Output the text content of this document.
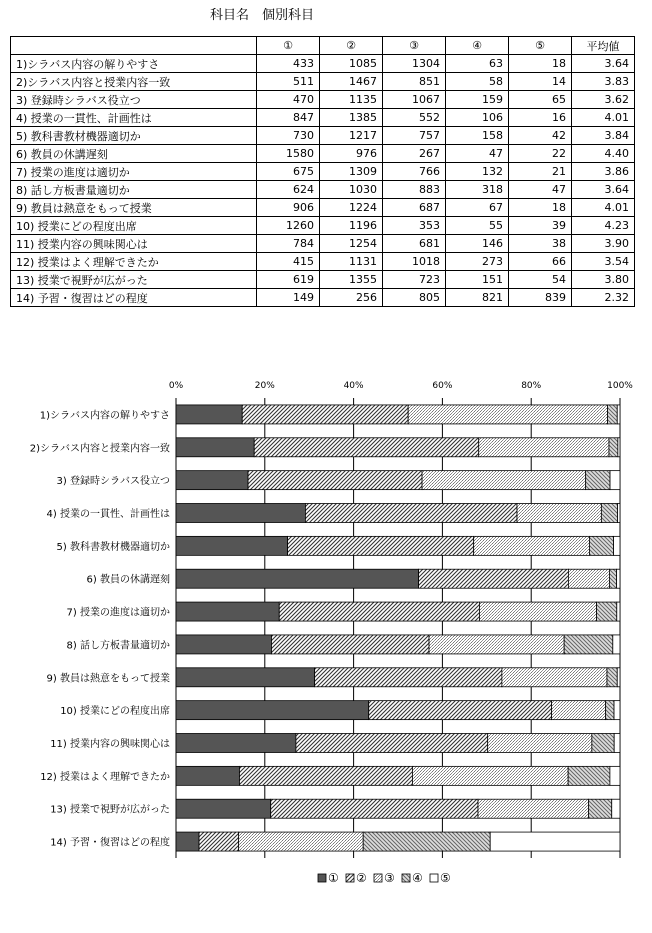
科目名　個別科目
	①	②	③	④	⑤	平均値
1)シラバス内容の解りやすさ	433	1085	1304	63	18	3.64
2)シラバス内容と授業内容一致	511	1467	851	58	14	3.83
3) 登録時シラバス役立つ	470	1135	1067	159	65	3.62
4) 授業の一貫性、計画性は	847	1385	552	106	16	4.01
5) 教科書教材機器適切か	730	1217	757	158	42	3.84
6) 教員の休講遅刻	1580	976	267	47	22	4.40
7) 授業の進度は適切か	675	1309	766	132	21	3.86
8) 話し方板書量適切か	624	1030	883	318	47	3.64
9) 教員は熱意をもって授業	906	1224	687	67	18	4.01
10) 授業にどの程度出席	1260	1196	353	55	39	4.23
11) 授業内容の興味関心は	784	1254	681	146	38	3.90
12) 授業はよく理解できたか	415	1131	1018	273	66	3.54
13) 授業で視野が広がった	619	1355	723	151	54	3.80
14) 予習・復習はどの程度	149	256	805	821	839	2.32
0%	20%	40%	60%	80%	100%
1)シラバス内容の解りやすさ
2)シラバス内容と授業内容一致
3) 登録時シラバス役立つ
4) 授業の一貫性、計画性は
5) 教科書教材機器適切か
6) 教員の休講遅刻
7) 授業の進度は適切か
8) 話し方板書量適切か
9) 教員は熱意をもって授業
10) 授業にどの程度出席
11) 授業内容の興味関心は
12) 授業はよく理解できたか
13) 授業で視野が広がった
14) 予習・復習はどの程度
① ② ③ ④ ⑤
